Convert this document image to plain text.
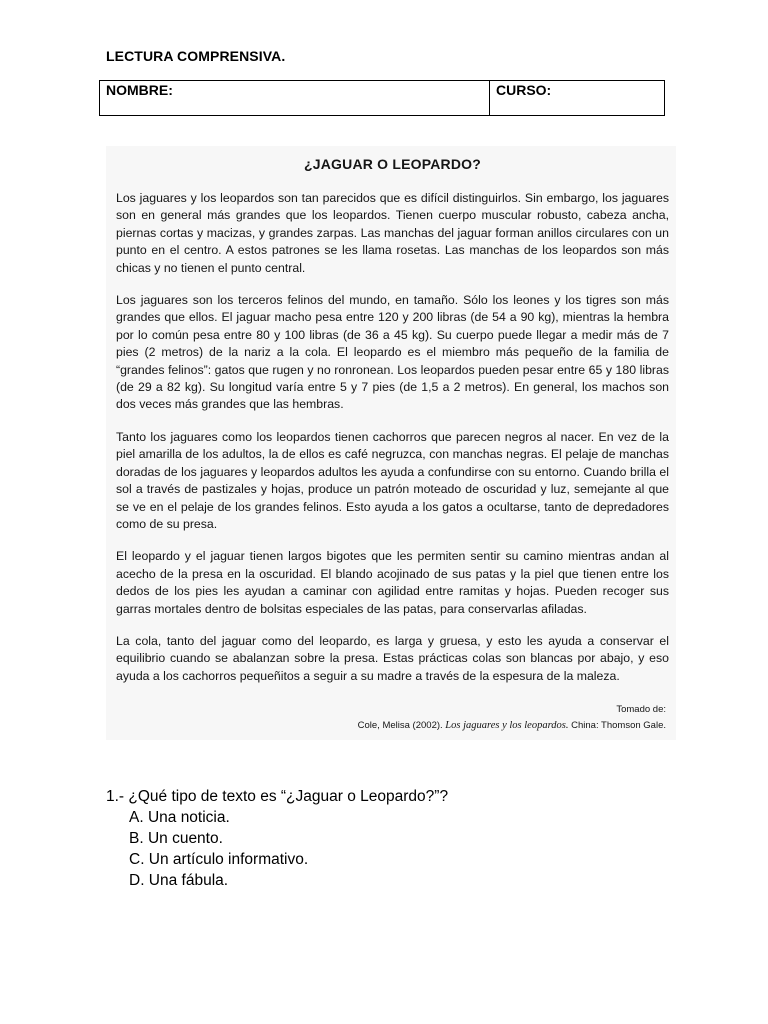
LECTURA COMPRENSIVA.
NOMBRE:	CURSO:
¿JAGUAR O LEOPARDO?

Los jaguares y los leopardos son tan parecidos que es difícil distinguirlos. Sin embargo, los jaguares son en general más grandes que los leopardos. Tienen cuerpo muscular robusto, cabeza ancha, piernas cortas y macizas, y grandes zarpas. Las manchas del jaguar forman anillos circulares con un punto en el centro. A estos patrones se les llama rosetas. Las manchas de los leopardos son más chicas y no tienen el punto central.

Los jaguares son los terceros felinos del mundo, en tamaño. Sólo los leones y los tigres son más grandes que ellos. El jaguar macho pesa entre 120 y 200 libras (de 54 a 90 kg), mientras la hembra por lo común pesa entre 80 y 100 libras (de 36 a 45 kg). Su cuerpo puede llegar a medir más de 7 pies (2 metros) de la nariz a la cola. El leopardo es el miembro más pequeño de la familia de “grandes felinos”: gatos que rugen y no ronronean. Los leopardos pueden pesar entre 65 y 180 libras (de 29 a 82 kg). Su longitud varía entre 5 y 7 pies (de 1,5 a 2 metros). En general, los machos son dos veces más grandes que las hembras.

Tanto los jaguares como los leopardos tienen cachorros que parecen negros al nacer. En vez de la piel amarilla de los adultos, la de ellos es café negruzca, con manchas negras. El pelaje de manchas doradas de los jaguares y leopardos adultos les ayuda a confundirse con su entorno. Cuando brilla el sol a través de pastizales y hojas, produce un patrón moteado de oscuridad y luz, semejante al que se ve en el pelaje de los grandes felinos. Esto ayuda a los gatos a ocultarse, tanto de depredadores como de su presa.

El leopardo y el jaguar tienen largos bigotes que les permiten sentir su camino mientras andan al acecho de la presa en la oscuridad. El blando acojinado de sus patas y la piel que tienen entre los dedos de los pies les ayudan a caminar con agilidad entre ramitas y hojas. Pueden recoger sus garras mortales dentro de bolsitas especiales de las patas, para conservarlas afiladas.

La cola, tanto del jaguar como del leopardo, es larga y gruesa, y esto les ayuda a conservar el equilibrio cuando se abalanzan sobre la presa. Estas prácticas colas son blancas por abajo, y eso ayuda a los cachorros pequeñitos a seguir a su madre a través de la espesura de la maleza.

Tomado de:
Cole, Melisa (2002). Los jaguares y los leopardos. China: Thomson Gale.

1.- ¿Qué tipo de texto es “¿Jaguar o Leopardo?”?

A. Una noticia.
B. Un cuento.
C. Un artículo informativo.
D. Una fábula.
